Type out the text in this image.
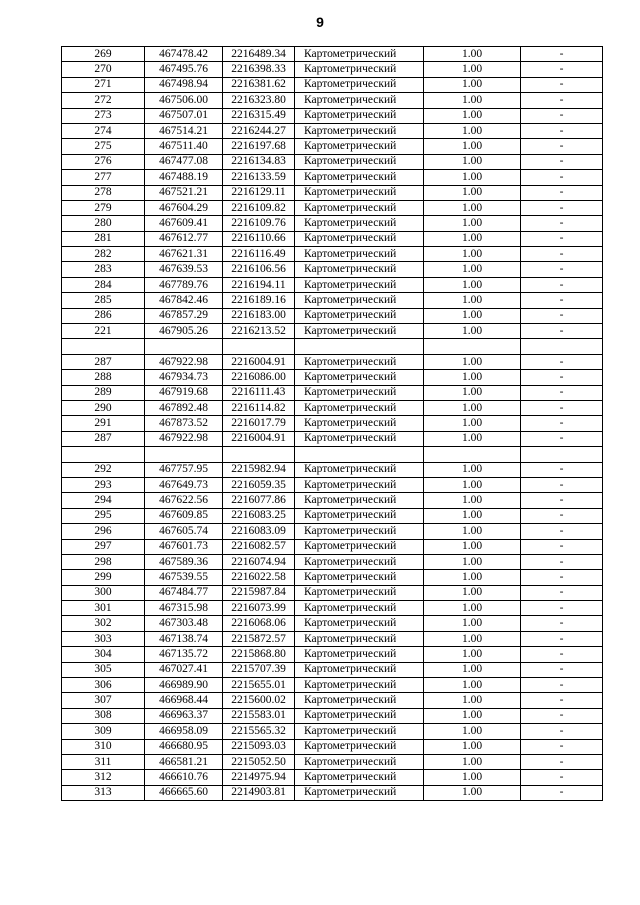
9
269	467478.42	2216489.34	Картометрический	1.00	-
270	467495.76	2216398.33	Картометрический	1.00	-
271	467498.94	2216381.62	Картометрический	1.00	-
272	467506.00	2216323.80	Картометрический	1.00	-
273	467507.01	2216315.49	Картометрический	1.00	-
274	467514.21	2216244.27	Картометрический	1.00	-
275	467511.40	2216197.68	Картометрический	1.00	-
276	467477.08	2216134.83	Картометрический	1.00	-
277	467488.19	2216133.59	Картометрический	1.00	-
278	467521.21	2216129.11	Картометрический	1.00	-
279	467604.29	2216109.82	Картометрический	1.00	-
280	467609.41	2216109.76	Картометрический	1.00	-
281	467612.77	2216110.66	Картометрический	1.00	-
282	467621.31	2216116.49	Картометрический	1.00	-
283	467639.53	2216106.56	Картометрический	1.00	-
284	467789.76	2216194.11	Картометрический	1.00	-
285	467842.46	2216189.16	Картометрический	1.00	-
286	467857.29	2216183.00	Картометрический	1.00	-
221	467905.26	2216213.52	Картометрический	1.00	-

287	467922.98	2216004.91	Картометрический	1.00	-
288	467934.73	2216086.00	Картометрический	1.00	-
289	467919.68	2216111.43	Картометрический	1.00	-
290	467892.48	2216114.82	Картометрический	1.00	-
291	467873.52	2216017.79	Картометрический	1.00	-
287	467922.98	2216004.91	Картометрический	1.00	-

292	467757.95	2215982.94	Картометрический	1.00	-
293	467649.73	2216059.35	Картометрический	1.00	-
294	467622.56	2216077.86	Картометрический	1.00	-
295	467609.85	2216083.25	Картометрический	1.00	-
296	467605.74	2216083.09	Картометрический	1.00	-
297	467601.73	2216082.57	Картометрический	1.00	-
298	467589.36	2216074.94	Картометрический	1.00	-
299	467539.55	2216022.58	Картометрический	1.00	-
300	467484.77	2215987.84	Картометрический	1.00	-
301	467315.98	2216073.99	Картометрический	1.00	-
302	467303.48	2216068.06	Картометрический	1.00	-
303	467138.74	2215872.57	Картометрический	1.00	-
304	467135.72	2215868.80	Картометрический	1.00	-
305	467027.41	2215707.39	Картометрический	1.00	-
306	466989.90	2215655.01	Картометрический	1.00	-
307	466968.44	2215600.02	Картометрический	1.00	-
308	466963.37	2215583.01	Картометрический	1.00	-
309	466958.09	2215565.32	Картометрический	1.00	-
310	466680.95	2215093.03	Картометрический	1.00	-
311	466581.21	2215052.50	Картометрический	1.00	-
312	466610.76	2214975.94	Картометрический	1.00	-
313	466665.60	2214903.81	Картометрический	1.00	-
